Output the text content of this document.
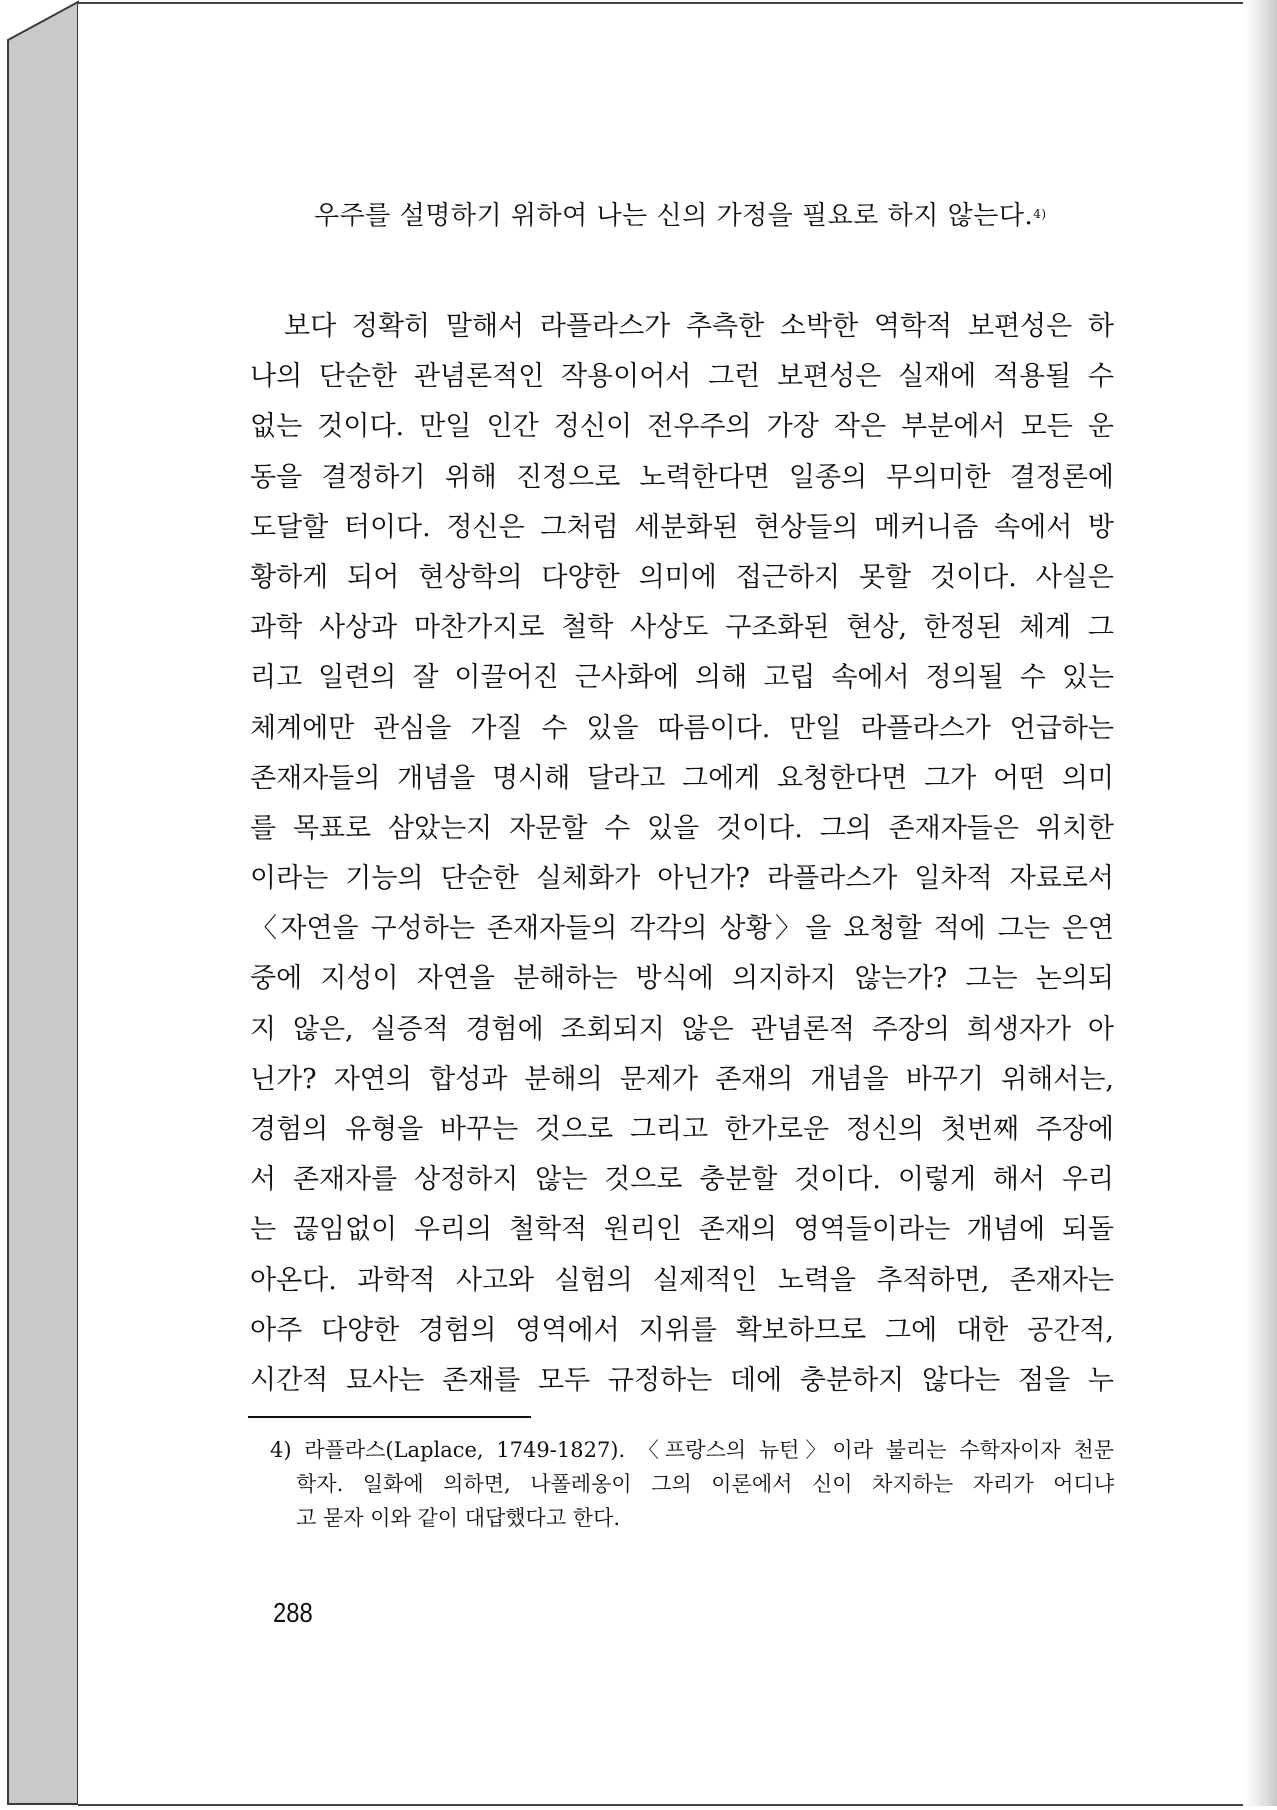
우주를 설명하기 위하여 나는 신의 가정을 필요로 하지 않는다.$^{4)}$
보다 정확히 말해서 라플라스가 추측한 소박한 역학적 보편성은 하
나의 단순한 관념론적인 작용이어서 그런 보편성은 실재에 적용될 수
없는 것이다. 만일 인간 정신이 전우주의 가장 작은 부분에서 모든 운
동을 결정하기 위해 진정으로 노력한다면 일종의 무의미한 결정론에
도달할 터이다. 정신은 그처럼 세분화된 현상들의 메커니즘 속에서 방
황하게 되어 현상학의 다양한 의미에 접근하지 못할 것이다. 사실은
과학 사상과 마찬가지로 철학 사상도 구조화된 현상, 한정된 체계 그
리고 일련의 잘 이끌어진 근사화에 의해 고립 속에서 정의될 수 있는
체계에만 관심을 가질 수 있을 따름이다. 만일 라플라스가 언급하는
존재자들의 개념을 명시해 달라고 그에게 요청한다면 그가 어떤 의미
를 목표로 삼았는지 자문할 수 있을 것이다. 그의 존재자들은 위치한
이라는 기능의 단순한 실체화가 아닌가? 라플라스가 일차적 자료로서
〈자연을 구성하는 존재자들의 각각의 상황〉을 요청할 적에 그는 은연
중에 지성이 자연을 분해하는 방식에 의지하지 않는가? 그는 논의되
지 않은, 실증적 경험에 조회되지 않은 관념론적 주장의 희생자가 아
닌가? 자연의 합성과 분해의 문제가 존재의 개념을 바꾸기 위해서는,
경험의 유형을 바꾸는 것으로 그리고 한가로운 정신의 첫번째 주장에
서 존재자를 상정하지 않는 것으로 충분할 것이다. 이렇게 해서 우리
는 끊임없이 우리의 철학적 원리인 존재의 영역들이라는 개념에 되돌
아온다. 과학적 사고와 실험의 실제적인 노력을 추적하면, 존재자는
아주 다양한 경험의 영역에서 지위를 확보하므로 그에 대한 공간적,
시간적 묘사는 존재를 모두 규정하는 데에 충분하지 않다는 점을 누
4) 라플라스(Laplace, 1749-1827). 〈프랑스의 뉴턴〉이라 불리는 수학자이자 천문
학자. 일화에 의하면, 나폴레옹이 그의 이론에서 신이 차지하는 자리가 어디냐
고 묻자 이와 같이 대답했다고 한다.
288
